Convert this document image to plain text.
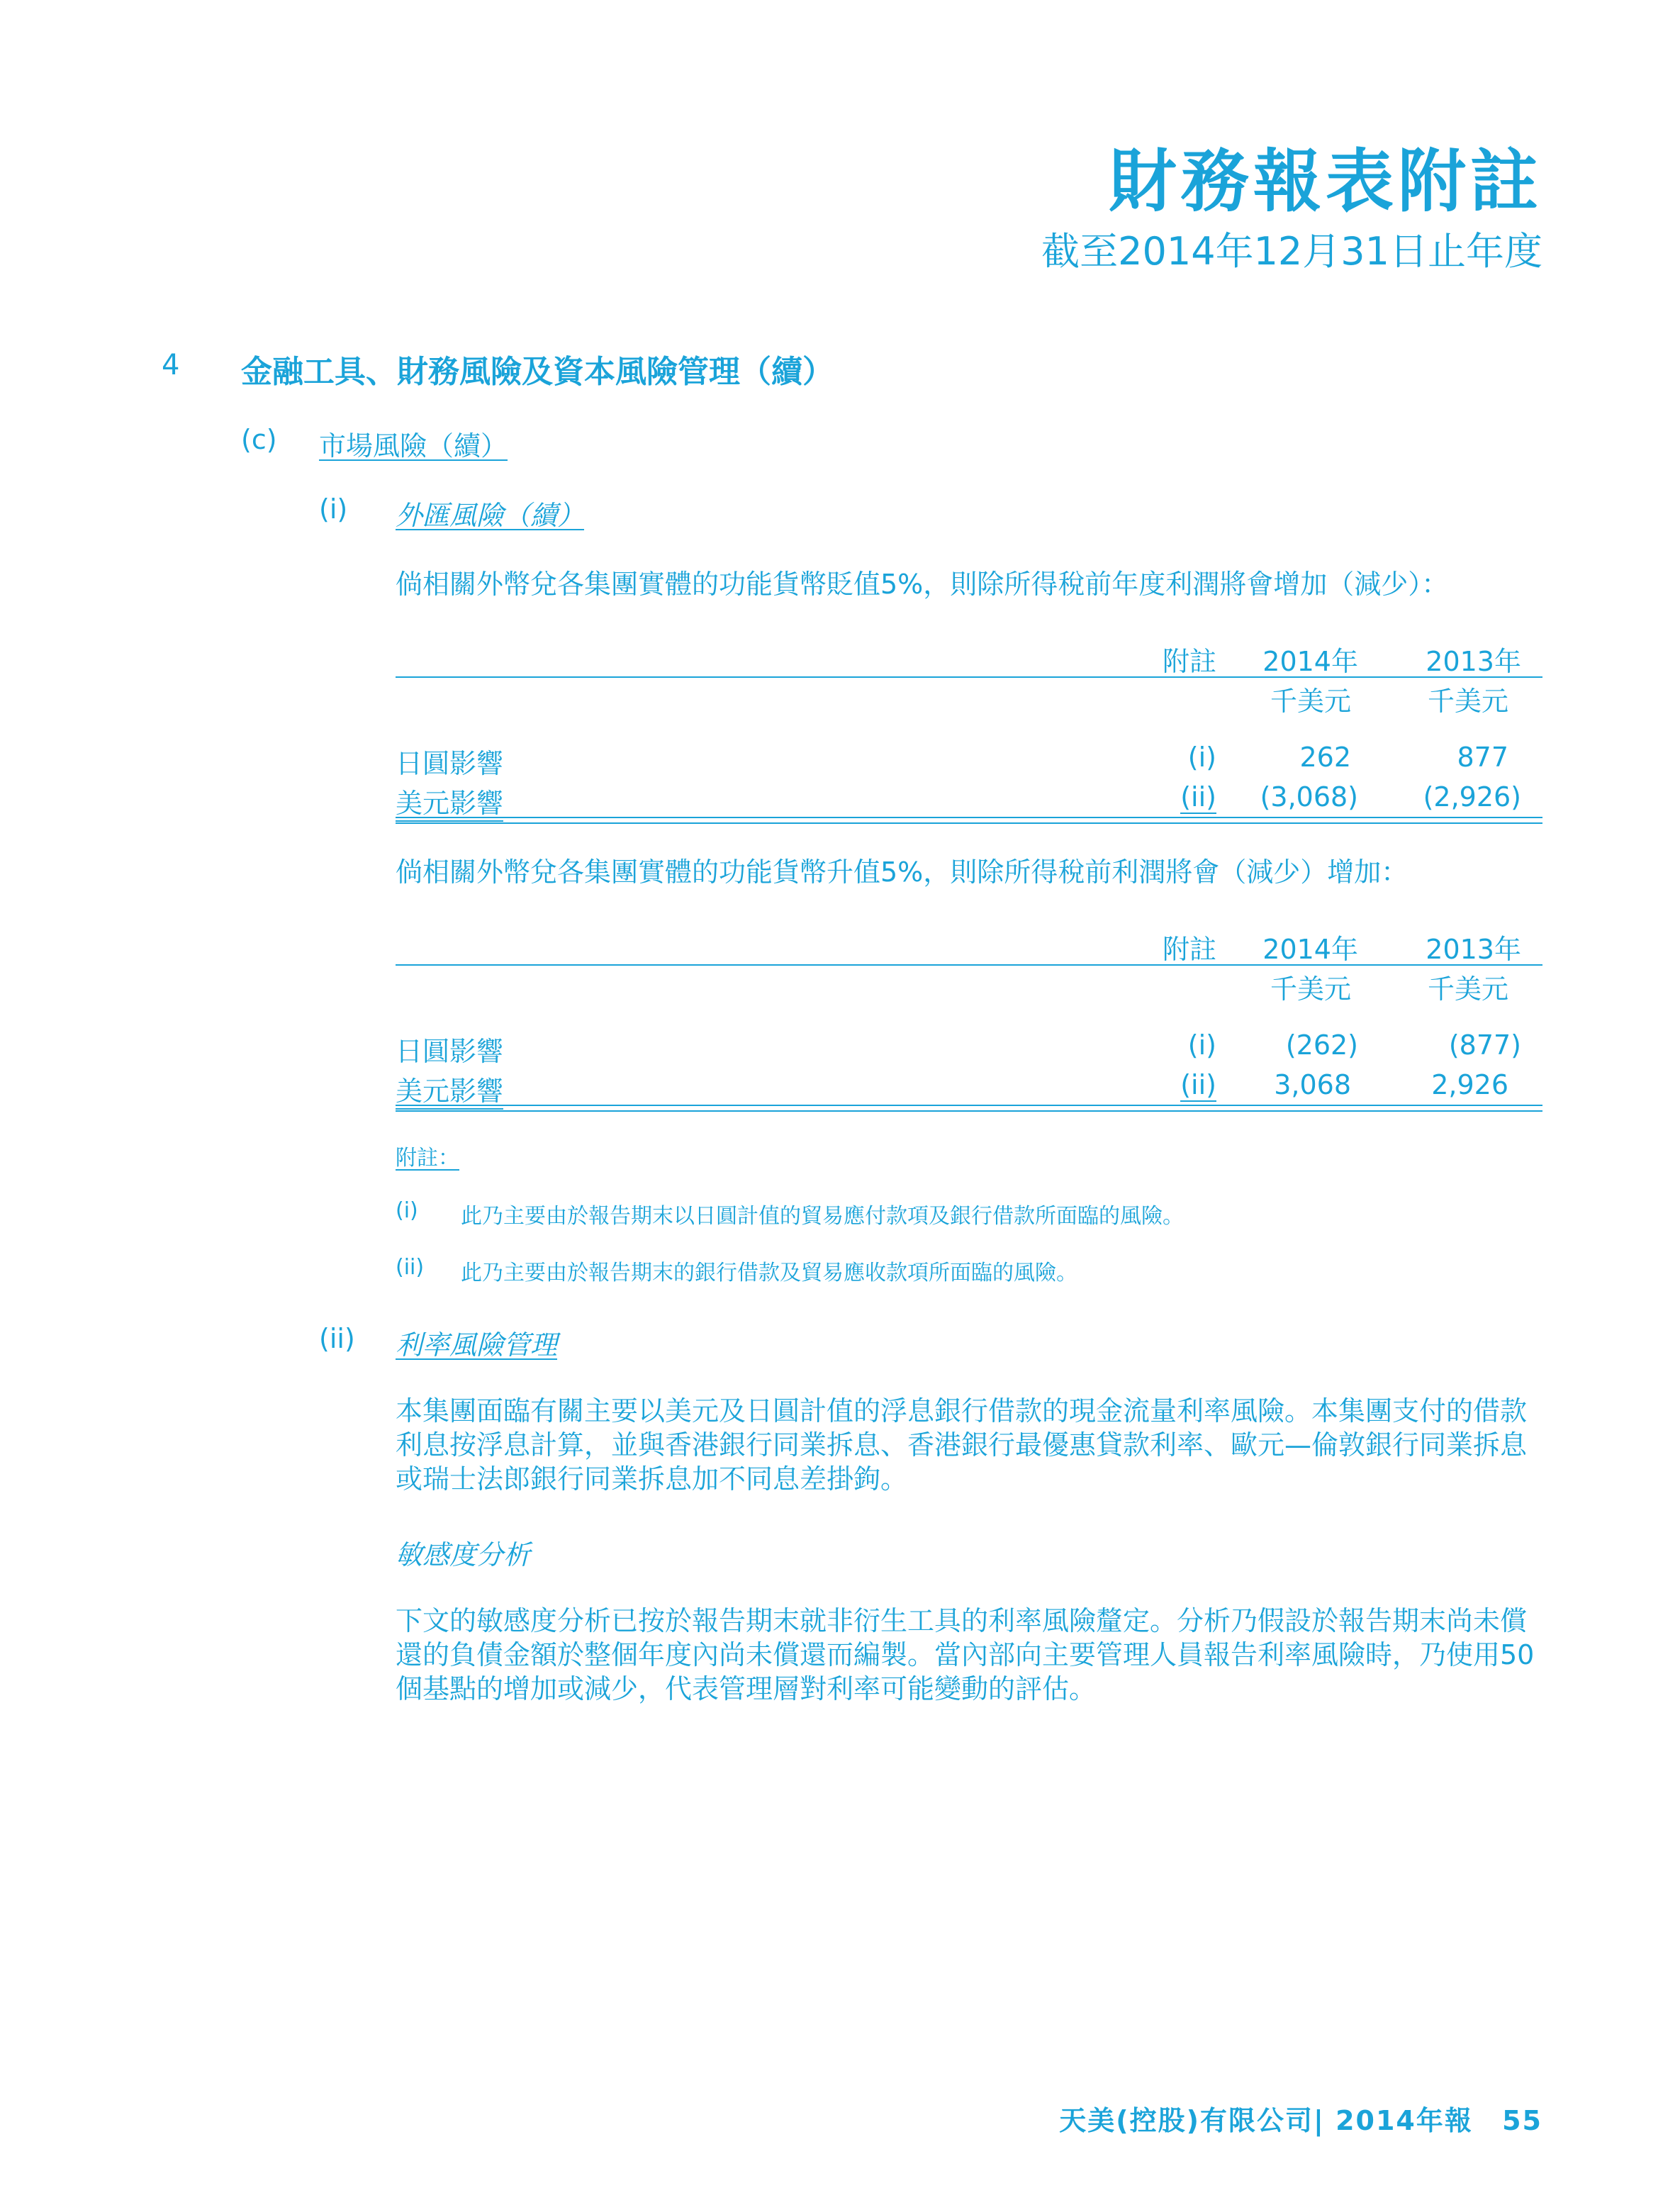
財務報表附註
截至2014年12月31日止年度
4 金融工具、財務風險及資本風險管理（續）
(c) 市場風險（續）
(i) 外匯風險（續）
倘相關外幣兌各集團實體的功能貨幣貶值5%，則除所得稅前年度利潤將會增加（減少）：
附註 2014年	2013年
千美元	千美元
日圓影響	(i)	262	877
美元影響	(ii) (3,068) (2,926)
倘相關外幣兌各集團實體的功能貨幣升值5%，則除所得稅前利潤將會（減少）增加：
附註 2014年	2013年
千美元	千美元
日圓影響	(i)	(262)	(877)
美元影響	(ii) 3,068	2,926
附註：
(i) 此乃主要由於報告期末以日圓計值的貿易應付款項及銀行借款所面臨的風險。
(ii) 此乃主要由於報告期末的銀行借款及貿易應收款項所面臨的風險。
(ii) 利率風險管理
本集團面臨有關主要以美元及日圓計值的浮息銀行借款的現金流量利率風險。本集團支付的借款利息按浮息計算，並與香港銀行同業拆息、香港銀行最優惠貸款利率、歐元—倫敦銀行同業拆息或瑞士法郎銀行同業拆息加不同息差掛鉤。
敏感度分析
下文的敏感度分析已按於報告期末就非衍生工具的利率風險釐定。分析乃假設於報告期末尚未償還的負債金額於整個年度內尚未償還而編製。當內部向主要管理人員報告利率風險時，乃使用50個基點的增加或減少，代表管理層對利率可能變動的評估。
天美(控股)有限公司| 2014年報 55
